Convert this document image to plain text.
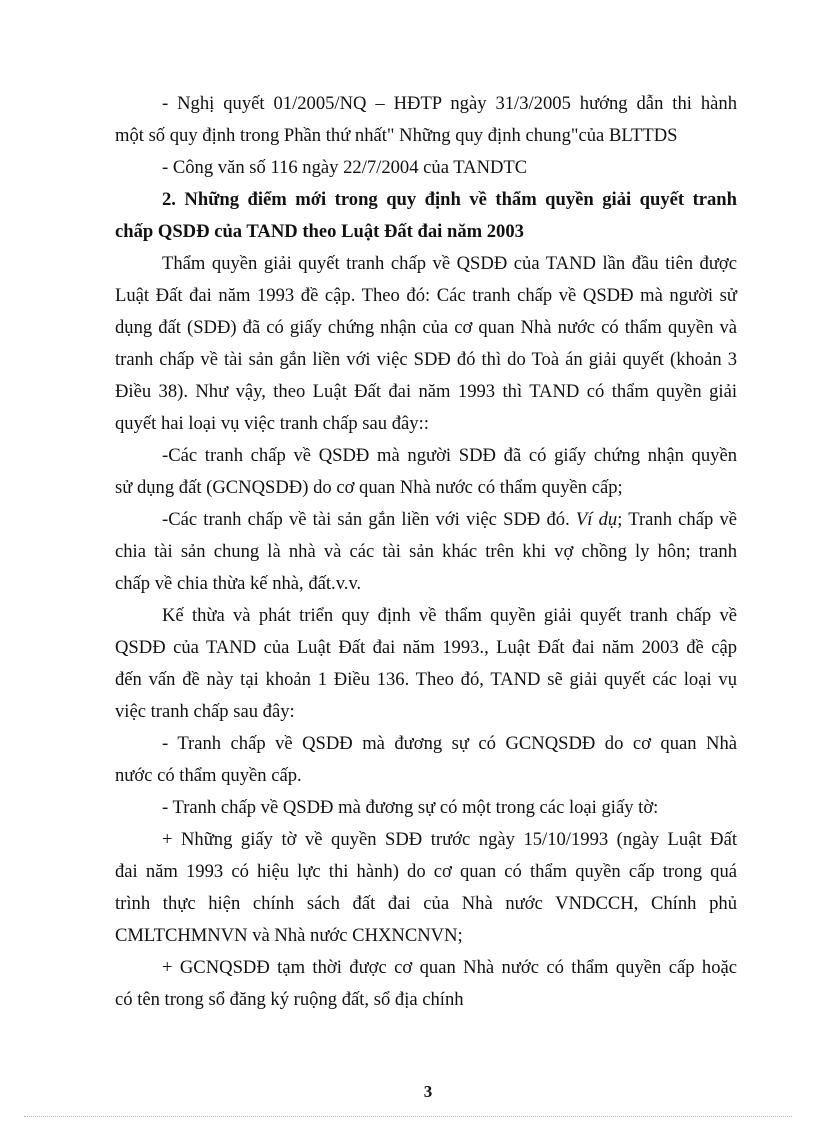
- Nghị quyết 01/2005/NQ – HĐTP ngày 31/3/2005 hướng dẫn thi hành
một số quy định trong Phần thứ nhất" Những quy định chung"của BLTTDS
- Công văn số 116 ngày 22/7/2004 của TANDTC
2. Những điểm mới trong quy định về thẩm quyền giải quyết tranh
chấp QSDĐ của TAND theo Luật Đất đai năm 2003
Thẩm quyền giải quyết tranh chấp về QSDĐ của TAND lần đầu tiên được
Luật Đất đai năm 1993 đề cập. Theo đó: Các tranh chấp về QSDĐ mà người sử
dụng đất (SDĐ) đã có giấy chứng nhận của cơ quan Nhà nước có thẩm quyền và
tranh chấp về tài sản gắn liền với việc SDĐ đó thì do Toà án giải quyết (khoản 3
Điều 38). Như vậy, theo Luật Đất đai năm 1993 thì TAND có thẩm quyền giải
quyết hai loại vụ việc tranh chấp sau đây::
-Các tranh chấp về QSDĐ mà người SDĐ đã có giấy chứng nhận quyền
sử dụng đất (GCNQSDĐ) do cơ quan Nhà nước có thẩm quyền cấp;
-Các tranh chấp về tài sản gắn liền với việc SDĐ đó. Ví dụ; Tranh chấp về
chia tài sản chung là nhà và các tài sản khác trên khi vợ chồng ly hôn; tranh
chấp về chia thừa kế nhà, đất.v.v.
Kế thừa và phát triển quy định về thẩm quyền giải quyết tranh chấp về
QSDĐ của TAND của Luật Đất đai năm 1993., Luật Đất đai năm 2003 đề cập
đến vấn đề này tại khoản 1 Điều 136. Theo đó, TAND sẽ giải quyết các loại vụ
việc tranh chấp sau đây:
- Tranh chấp về QSDĐ mà đương sự có GCNQSDĐ do cơ quan Nhà
nước có thẩm quyền cấp.
- Tranh chấp về QSDĐ mà đương sự có một trong các loại giấy tờ:
+ Những giấy tờ về quyền SDĐ trước ngày 15/10/1993 (ngày Luật Đất
đai năm 1993 có hiệu lực thi hành) do cơ quan có thẩm quyền cấp trong quá
trình thực hiện chính sách đất đai của Nhà nước VNDCCH, Chính phủ
CMLTCHMNVN và Nhà nước CHXNCNVN;
+ GCNQSDĐ tạm thời được cơ quan Nhà nước có thẩm quyền cấp hoặc
có tên trong sổ đăng ký ruộng đất, sổ địa chính
3
